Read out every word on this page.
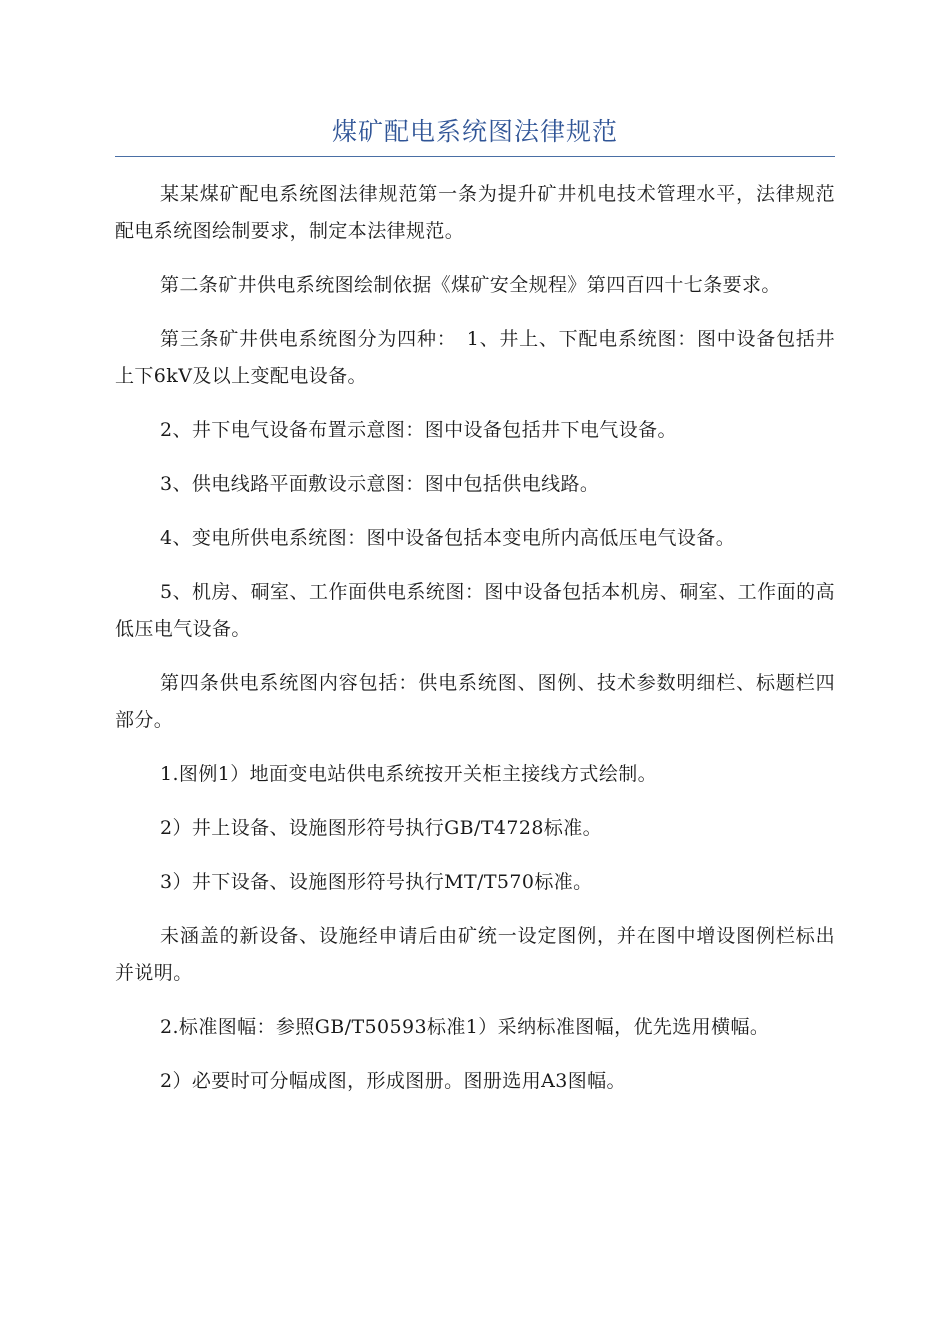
煤矿配电系统图法律规范

某某煤矿配电系统图法律规范第一条为提升矿井机电技术管理水平，法律规范配电系统图绘制要求，制定本法律规范。

第二条矿井供电系统图绘制依据《煤矿安全规程》第四百四十七条要求。

第三条矿井供电系统图分为四种：　1、井上、下配电系统图：图中设备包括井上下6kV及以上变配电设备。

2、井下电气设备布置示意图：图中设备包括井下电气设备。

3、供电线路平面敷设示意图：图中包括供电线路。

4、变电所供电系统图：图中设备包括本变电所内高低压电气设备。

5、机房、硐室、工作面供电系统图：图中设备包括本机房、硐室、工作面的高低压电气设备。

第四条供电系统图内容包括：供电系统图、图例、技术参数明细栏、标题栏四部分。

1.图例1）地面变电站供电系统按开关柜主接线方式绘制。

2）井上设备、设施图形符号执行GB/T4728标准。

3）井下设备、设施图形符号执行MT/T570标准。

未涵盖的新设备、设施经申请后由矿统一设定图例，并在图中增设图例栏标出并说明。

2.标准图幅：参照GB/T50593标准1）采纳标准图幅，优先选用横幅。

2）必要时可分幅成图，形成图册。图册选用A3图幅。
